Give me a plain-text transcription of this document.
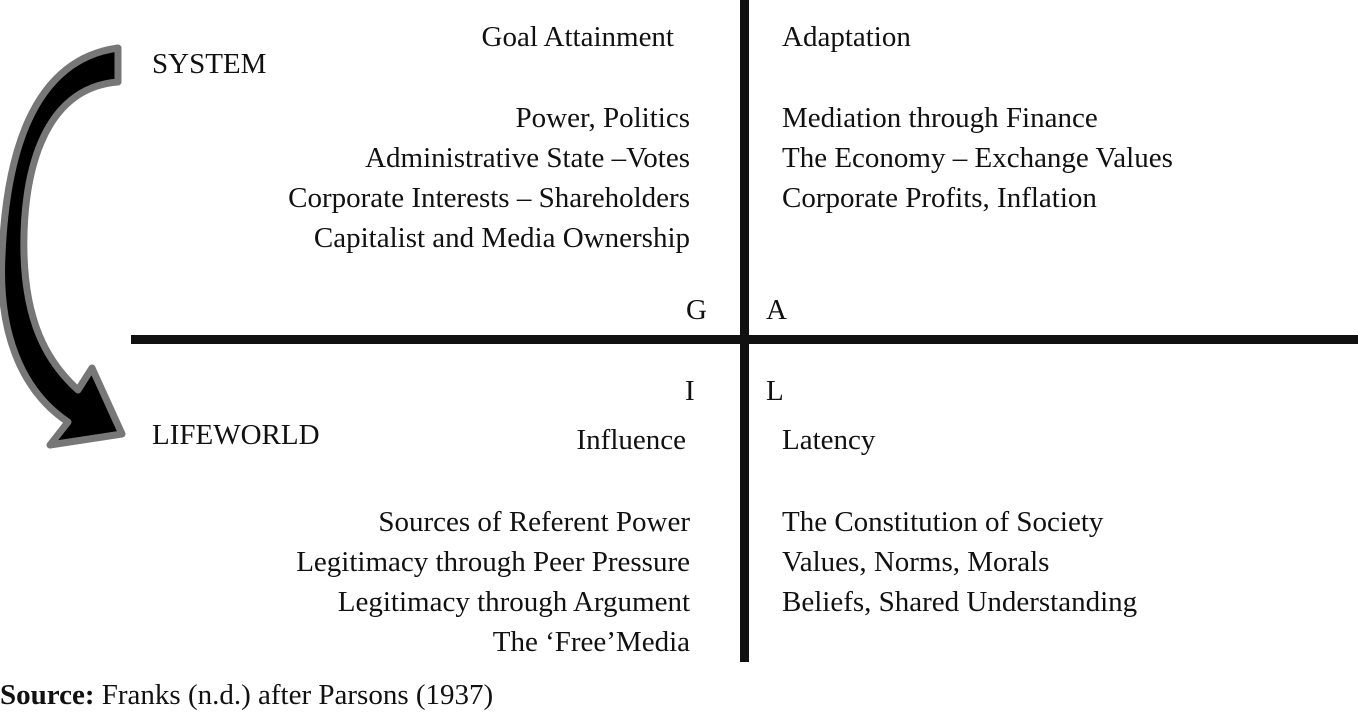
SYSTEM
LIFEWORLD
Goal Attainment	Adaptation
Influence	Latency
G A
I L
Power, Politics
Administrative State –Votes
Corporate Interests – Shareholders
Capitalist and Media Ownership
Mediation through Finance
The Economy – Exchange Values
Corporate Profits, Inflation
Sources of Referent Power
Legitimacy through Peer Pressure
Legitimacy through Argument
The ‘Free’Media
The Constitution of Society
Values, Norms, Morals
Beliefs, Shared Understanding
Source: Franks (n.d.) after Parsons (1937)
